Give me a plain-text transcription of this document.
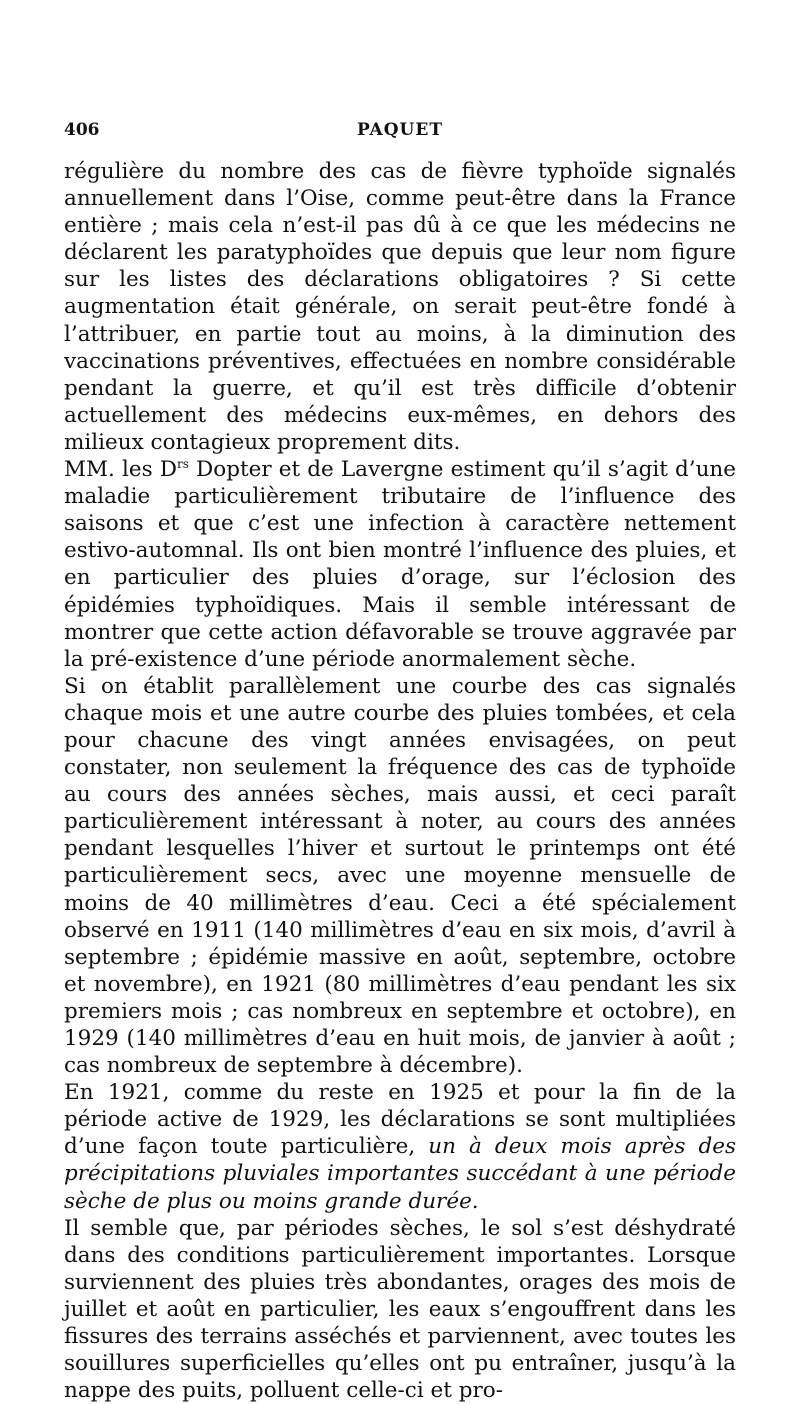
406	PAQUET

régulière du nombre des cas de fièvre typhoïde signalés annuellement dans l’Oise, comme peut-être dans la France entière ; mais cela n’est-il pas dû à ce que les médecins ne déclarent les paratyphoïdes que depuis que leur nom figure sur les listes des déclarations obligatoires ? Si cette augmentation était générale, on serait peut-être fondé à l’attribuer, en partie tout au moins, à la diminution des vaccinations préventives, effectuées en nombre considérable pendant la guerre, et qu’il est très difficile d’obtenir actuellement des médecins eux-mêmes, en dehors des milieux contagieux proprement dits.

MM. les $D^{rs}$ Dopter et de Lavergne estiment qu’il s’agit d’une maladie particulièrement tributaire de l’influence des saisons et que c’est une infection à caractère nettement estivo-automnal. Ils ont bien montré l’influence des pluies, et en particulier des pluies d’orage, sur l’éclosion des épidémies typhoïdiques. Mais il semble intéressant de montrer que cette action défavorable se trouve aggravée par la pré-existence d’une période anormalement sèche.

Si on établit parallèlement une courbe des cas signalés chaque mois et une autre courbe des pluies tombées, et cela pour chacune des vingt années envisagées, on peut constater, non seulement la fréquence des cas de typhoïde au cours des années sèches, mais aussi, et ceci paraît particulièrement intéressant à noter, au cours des années pendant lesquelles l’hiver et surtout le printemps ont été particulièrement secs, avec une moyenne mensuelle de moins de 40 millimètres d’eau. Ceci a été spécialement observé en 1911 (140 millimètres d’eau en six mois, d’avril à septembre ; épidémie massive en août, septembre, octobre et novembre), en 1921 (80 millimètres d’eau pendant les six premiers mois ; cas nombreux en septembre et octobre), en 1929 (140 millimètres d’eau en huit mois, de janvier à août ; cas nombreux de septembre à décembre).

En 1921, comme du reste en 1925 et pour la fin de la période active de 1929, les déclarations se sont multipliées d’une façon toute particulière, un à deux mois après des précipitations pluviales importantes succédant à une période sèche de plus ou moins grande durée.

Il semble que, par périodes sèches, le sol s’est déshydraté dans des conditions particulièrement importantes. Lorsque surviennent des pluies très abondantes, orages des mois de juillet et août en particulier, les eaux s’engouffrent dans les fissures des terrains asséchés et parviennent, avec toutes les souillures superficielles qu’elles ont pu entraîner, jusqu’à la nappe des puits, polluent celle-ci et pro-
